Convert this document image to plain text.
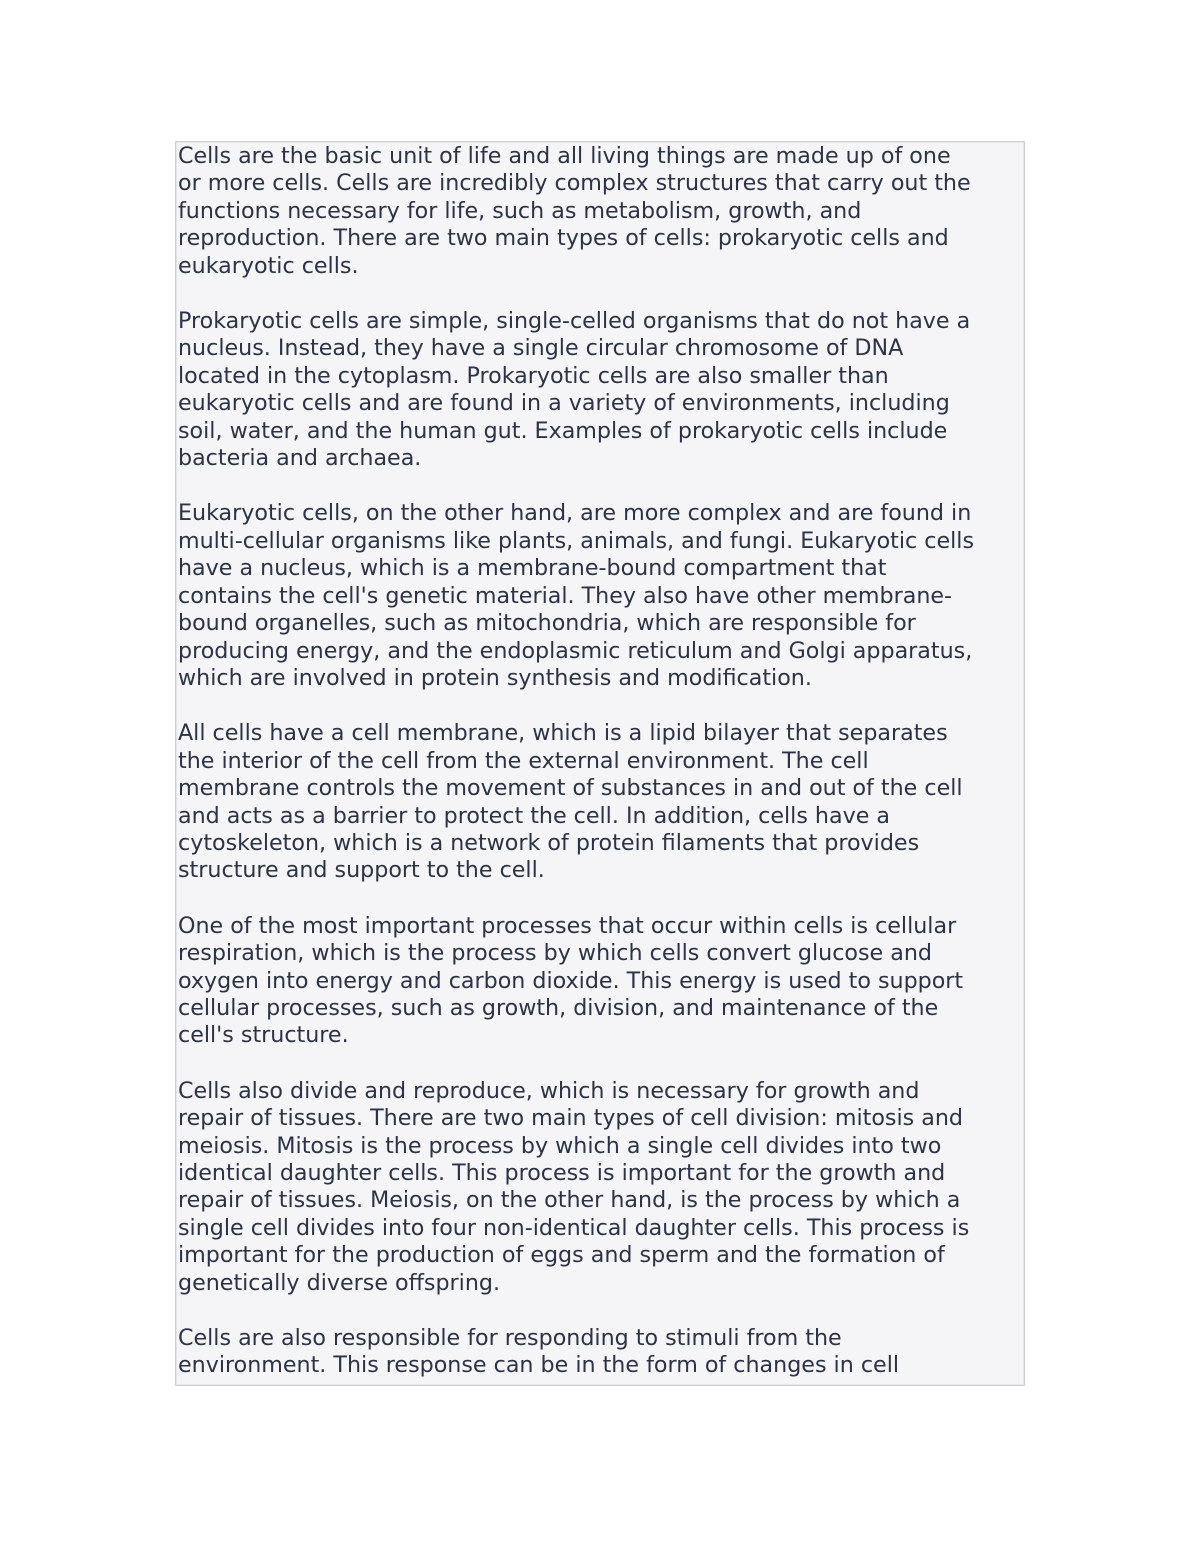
Cells are the basic unit of life and all living things are made up of one
or more cells. Cells are incredibly complex structures that carry out the
functions necessary for life, such as metabolism, growth, and
reproduction. There are two main types of cells: prokaryotic cells and
eukaryotic cells.

Prokaryotic cells are simple, single-celled organisms that do not have a
nucleus. Instead, they have a single circular chromosome of DNA
located in the cytoplasm. Prokaryotic cells are also smaller than
eukaryotic cells and are found in a variety of environments, including
soil, water, and the human gut. Examples of prokaryotic cells include
bacteria and archaea.

Eukaryotic cells, on the other hand, are more complex and are found in
multi-cellular organisms like plants, animals, and fungi. Eukaryotic cells
have a nucleus, which is a membrane-bound compartment that
contains the cell's genetic material. They also have other membrane-
bound organelles, such as mitochondria, which are responsible for
producing energy, and the endoplasmic reticulum and Golgi apparatus,
which are involved in protein synthesis and modification.

All cells have a cell membrane, which is a lipid bilayer that separates
the interior of the cell from the external environment. The cell
membrane controls the movement of substances in and out of the cell
and acts as a barrier to protect the cell. In addition, cells have a
cytoskeleton, which is a network of protein filaments that provides
structure and support to the cell.

One of the most important processes that occur within cells is cellular
respiration, which is the process by which cells convert glucose and
oxygen into energy and carbon dioxide. This energy is used to support
cellular processes, such as growth, division, and maintenance of the
cell's structure.

Cells also divide and reproduce, which is necessary for growth and
repair of tissues. There are two main types of cell division: mitosis and
meiosis. Mitosis is the process by which a single cell divides into two
identical daughter cells. This process is important for the growth and
repair of tissues. Meiosis, on the other hand, is the process by which a
single cell divides into four non-identical daughter cells. This process is
important for the production of eggs and sperm and the formation of
genetically diverse offspring.

Cells are also responsible for responding to stimuli from the
environment. This response can be in the form of changes in cell
